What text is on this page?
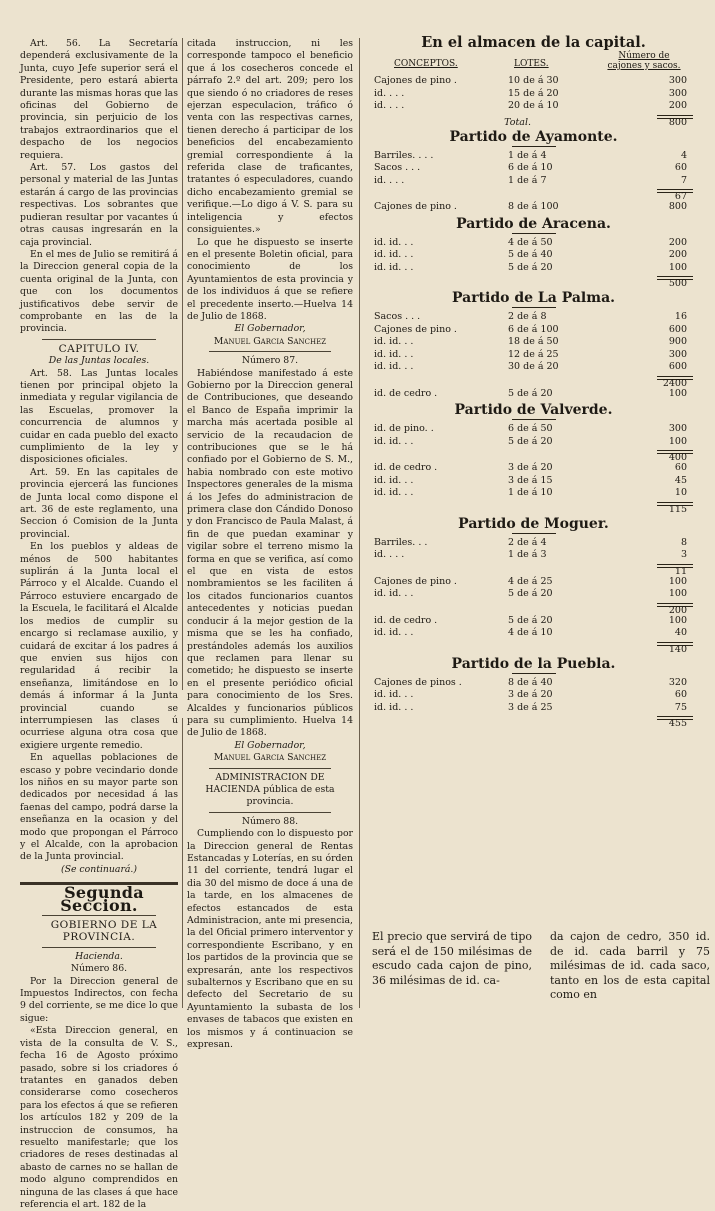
Art. 56. La Secretaría dependerá exclusivamente de la Junta, cuyo Jefe superior será el Presidente, pero estará abierta durante las mismas horas que las oficinas del Gobierno de provincia, sin perjuicio de los trabajos extraordinarios que el despacho de los negocios requiera.

Art. 57. Los gastos del personal y material de las Juntas estarán á cargo de las provincias respectivas. Los sobrantes que pudieran resultar por vacantes ú otras causas ingresarán en la caja provincial.

En el mes de Julio se remitirá á la Direccion general copia de la cuenta original de la Junta, con que con los documentos justificativos debe servir de comprobante en las de la provincia.

CAPITULO IV.

De las Juntas locales.

Art. 58. Las Juntas locales tienen por principal objeto la inmediata y regular vigilancia de las Escuelas, promover la concurrencia de alumnos y cuidar en cada pueblo del exacto cumplimiento de la ley y disposiciones oficiales.

Art. 59. En las capitales de provincia ejercerá las funciones de Junta local como dispone el art. 36 de este reglamento, una Seccion ó Comision de la Junta provincial.

En los pueblos y aldeas de ménos de 500 habitantes suplirán á la Junta local el Párroco y el Alcalde. Cuando el Párroco estuviere encargado de la Escuela, le facilitará el Alcalde los medios de cumplir su encargo si reclamase auxilio, y cuidará de excitar á los padres á que envien sus hijos con regularidad á recibir la enseñanza, limitándose en lo demás á informar á la Junta provincial cuando se interrumpiesen las clases ú ocurriese alguna otra cosa que exigiere urgente remedio.

En aquellas poblaciones de escaso y pobre vecindario donde los niños en su mayor parte son dedicados por necesidad á las faenas del campo, podrá darse la enseñanza en la ocasion y del modo que propongan el Párroco y el Alcalde, con la aprobacion de la Junta provincial.

(Se continuará.)

Segunda Seccion.

GOBIERNO DE LA PROVINCIA.

Hacienda.

Número 86.

Por la Direccion general de Impuestos Indirectos, con fecha 9 del corriente, se me dice lo que sigue:

«Esta Direccion general, en vista de la consulta de V. S., fecha 16 de Agosto próximo pasado, sobre si los criadores ó tratantes en ganados deben considerarse como cosecheros para los efectos á que se refieren los artículos 182 y 209 de la instruccion de consumos, ha resuelto manifestarle; que los criadores de reses destinadas al abasto de carnes no se hallan de modo alguno comprendidos en ninguna de las clases á que hace referencia el art. 182 de la

citada instruccion, ni les corresponde tampoco el beneficio que á los cosecheros concede el párrafo 2.º del art. 209; pero los que siendo ó no criadores de reses ejerzan especulacion, tráfico ó venta con las respectivas carnes, tienen derecho á participar de los beneficios del encabezamiento gremial correspondiente á la referida clase de traficantes, tratantes ó especuladores, cuando dicho encabezamiento gremial se verifique.—Lo digo á V. S. para su inteligencia y efectos consiguientes.»

Lo que he dispuesto se inserte en el presente Boletin oficial, para conocimiento de los Ayuntamientos de esta provincia y de los individuos á que se refiere el precedente inserto.—Huelva 14 de Julio de 1868.

El Gobernador,

Manuel Garcia Sanchez

Número 87.

Habiéndose manifestado á este Gobierno por la Direccion general de Contribuciones, que deseando el Banco de España imprimir la marcha más acertada posible al servicio de la recaudacion de contribuciones que se le há confiado por el Gobierno de S. M., habia nombrado con este motivo Inspectores generales de la misma á los Jefes do administracion de primera clase don Cándido Donoso y don Francisco de Paula Malast, á fin de que puedan examinar y vigilar sobre el terreno mismo la forma en que se verifica, así como el que en vista de estos nombramientos se les faciliten á los citados funcionarios cuantos antecedentes y noticias puedan conducir á la mejor gestion de la misma que se les ha confiado, prestándoles además los auxilios que reclamen para llenar su cometido; he dispuesto se inserte en el presente periódico oficial para conocimiento de los Sres. Alcaldes y funcionarios públicos para su cumplimiento. Huelva 14 de Julio de 1868.

El Gobernador,

Manuel Garcia Sanchez

ADMINISTRACION DE HACIENDA pública de esta provincia.

Número 88.

Cumpliendo con lo dispuesto por la Direccion general de Rentas Estancadas y Loterías, en su órden 11 del corriente, tendrá lugar el dia 30 del mismo de doce á una de la tarde, en los almacenes de efectos estancados de esta Administracion, ante mi presencia, la del Oficial primero interventor y correspondiente Escribano, y en los partidos de la provincia que se expresarán, ante los respectivos subalternos y Escribano que en su defecto del Secretario de su Ayuntamiento la subasta de los envases de tabacos que existen en los mismos y á continuacion se expresan.

En el almacen de la capital.
CONCEPTOS.	LOTES.
Número de cajones y sacos.
Cajones de pino .	10 de á 30	300
id. . . .	15 de á 20	300
id. . . .	20 de á 10	200
Total.	800
Partido de Ayamonte.
Barriles. . . .	1 de á 4	4
Sacos . . .	6 de á 10	60
id. . . .	1 de á 7	7
67
Cajones de pino .	8 de á 100	800
Partido de Aracena.
id. id. . .	4 de á 50	200
id. id. . .	5 de á 40	200
id. id. . .	5 de á 20	100
500
Partido de La Palma.
Sacos . . .	2 de á 8	16
Cajones de pino .	6 de á 100	600
id. id. . .	18 de á 50	900
id. id. . .	12 de á 25	300
id. id. . .	30 de á 20	600
2400
id. de cedro .	5 de á 20	100
Partido de Valverde.
id. de pino. .	6 de á 50	300
id. id. . .	5 de á 20	100
400
id. de cedro .	3 de á 20	60
id. id. . .	3 de á 15	45
id. id. . .	1 de á 10	10
115
Partido de Moguer.
Barriles. . .	2 de á 4	8
id. . . .	1 de á 3	3
11
Cajones de pino .	4 de á 25	100
id. id. . .	5 de á 20	100
200
id. de cedro .	5 de á 20	100
id. id. . .	4 de á 10	40
140
Partido de la Puebla.
Cajones de pinos .	8 de á 40	320
id. id. . .	3 de á 20	60
id. id. . .	3 de á 25	75
455
El precio que servirá de tipo será el de 150 milésimas de escudo cada cajon de pino, 36 milésimas de id. ca-
da cajon de cedro, 350 id. de id. cada barril y 75 milésimas de id. cada saco, tanto en los de esta capital como en
